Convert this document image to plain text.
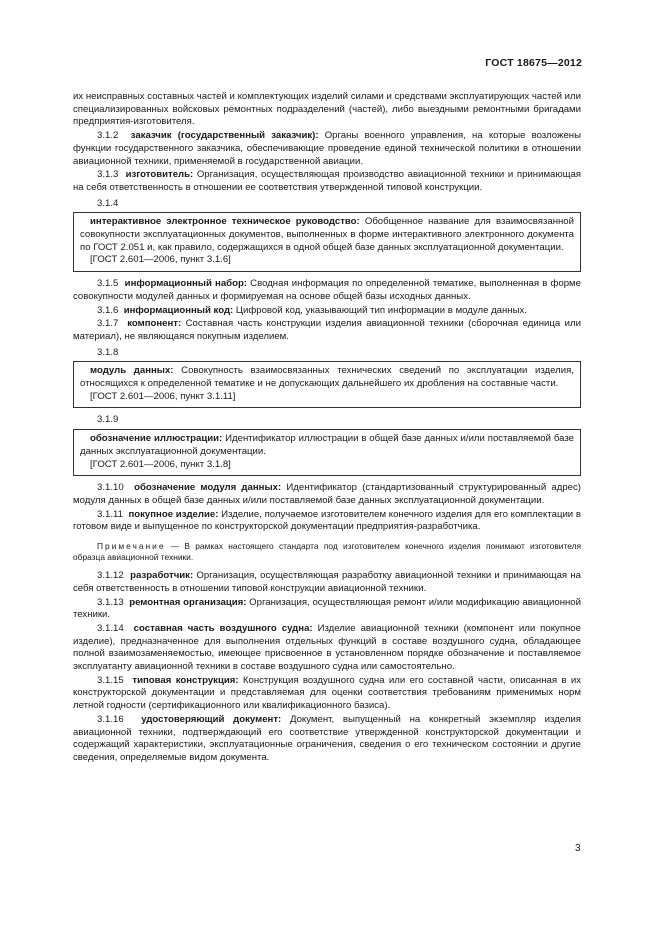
ГОСТ 18675—2012

их неисправных составных частей и комплектующих изделий силами и средствами эксплуатирующих частей или специализированных войсковых ремонтных подразделений (частей), либо выездными ремонтными бригадами предприятия-изготовителя.

3.1.2 заказчик (государственный заказчик): Органы военного управления, на которые возложены функции государственного заказчика, обеспечивающие проведение единой технической политики в отношении авиационной техники, применяемой в государственной авиации.

3.1.3 изготовитель: Организация, осуществляющая производство авиационной техники и принимающая на себя ответственность в отношении ее соответствия утвержденной типовой конструкции.

3.1.4

интерактивное электронное техническое руководство: Обобщенное название для взаимосвязанной совокупности эксплуатационных документов, выполненных в форме интерактивного электронного документа по ГОСТ 2.051 и, как правило, содержащихся в одной общей базе данных эксплуатационной документации.

[ГОСТ 2.601—2006, пункт 3.1.6]

3.1.5 информационный набор: Сводная информация по определенной тематике, выполненная в форме совокупности модулей данных и формируемая на основе общей базы исходных данных.

3.1.6 информационный код: Цифровой код, указывающий тип информации в модуле данных.

3.1.7 компонент: Составная часть конструкции изделия авиационной техники (сборочная единица или материал), не являющаяся покупным изделием.

3.1.8

модуль данных: Совокупность взаимосвязанных технических сведений по эксплуатации изделия, относящихся к определенной тематике и не допускающих дальнейшего их дробления на составные части.

[ГОСТ 2.601—2006, пункт 3.1.11]

3.1.9

обозначение иллюстрации: Идентификатор иллюстрации в общей базе данных и/или поставляемой базе данных эксплуатационной документации.

[ГОСТ 2.601—2006, пункт 3.1.8]

3.1.10 обозначение модуля данных: Идентификатор (стандартизованный структурированный адрес) модуля данных в общей базе данных и/или поставляемой базе данных эксплуатационной документации.

3.1.11 покупное изделие: Изделие, получаемое изготовителем конечного изделия для его комплектации в готовом виде и выпущенное по конструкторской документации предприятия-разработчика.

Примечание — В рамках настоящего стандарта под изготовителем конечного изделия понимают изготовителя образца авиационной техники.

3.1.12 разработчик: Организация, осуществляющая разработку авиационной техники и принимающая на себя ответственность в отношении типовой конструкции авиационной техники.

3.1.13 ремонтная организация: Организация, осуществляющая ремонт и/или модификацию авиационной техники.

3.1.14 составная часть воздушного судна: Изделие авиационной техники (компонент или покупное изделие), предназначенное для выполнения отдельных функций в составе воздушного судна, обладающее полной взаимозаменяемостью, имеющее присвоенное в установленном порядке обозначение и поставляемое эксплуатанту авиационной техники в составе воздушного судна или самостоятельно.

3.1.15 типовая конструкция: Конструкция воздушного судна или его составной части, описанная в их конструкторской документации и представляемая для оценки соответствия требованиям применимых норм летной годности (сертификационного или квалификационного базиса).

3.1.16 удостоверяющий документ: Документ, выпущенный на конкретный экземпляр изделия авиационной техники, подтверждающий его соответствие утвержденной конструкторской документации и содержащий характеристики, эксплуатационные ограничения, сведения о его техническом состоянии и другие сведения, определяемые видом документа.

3
